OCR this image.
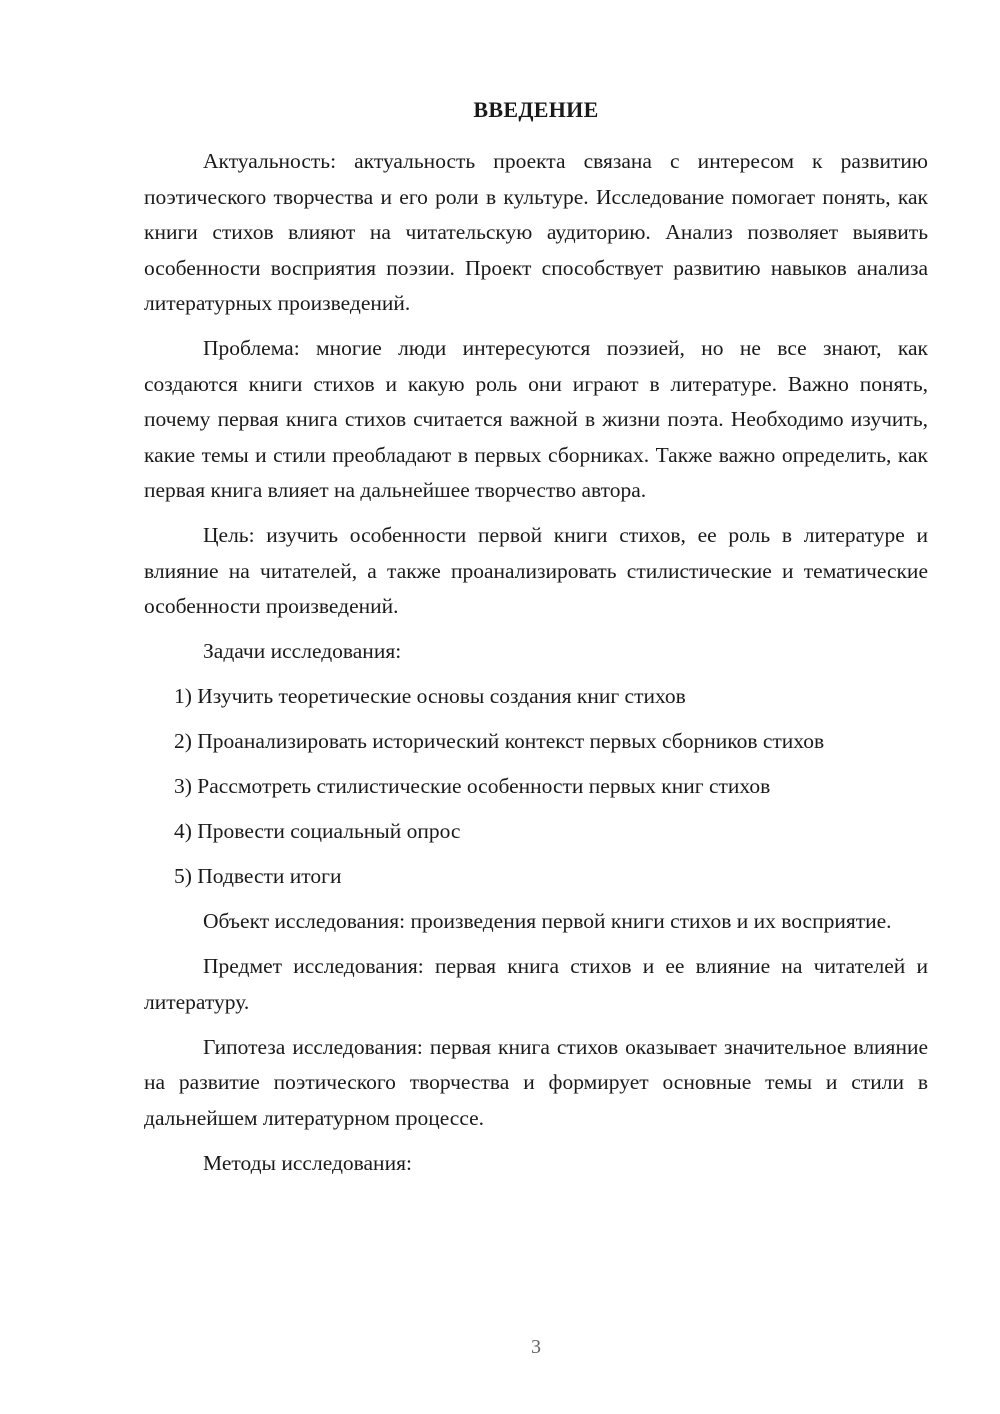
ВВЕДЕНИЕ

Актуальность: актуальность проекта связана с интересом к развитию поэтического творчества и его роли в культуре. Исследование помогает понять, как книги стихов влияют на читательскую аудиторию. Анализ позволяет выявить особенности восприятия поэзии. Проект способствует развитию навыков анализа литературных произведений.

Проблема: многие люди интересуются поэзией, но не все знают, как создаются книги стихов и какую роль они играют в литературе. Важно понять, почему первая книга стихов считается важной в жизни поэта. Необходимо изучить, какие темы и стили преобладают в первых сборниках. Также важно определить, как первая книга влияет на дальнейшее творчество автора.

Цель: изучить особенности первой книги стихов, ее роль в литературе и влияние на читателей, а также проанализировать стилистические и тематические особенности произведений.

Задачи исследования:

1) Изучить теоретические основы создания книг стихов

2) Проанализировать исторический контекст первых сборников стихов

3) Рассмотреть стилистические особенности первых книг стихов

4) Провести социальный опрос

5) Подвести итоги

Объект исследования: произведения первой книги стихов и их восприятие.

Предмет исследования: первая книга стихов и ее влияние на читателей и литературу.

Гипотеза исследования: первая книга стихов оказывает значительное влияние на развитие поэтического творчества и формирует основные темы и стили в дальнейшем литературном процессе.

Методы исследования:

3
